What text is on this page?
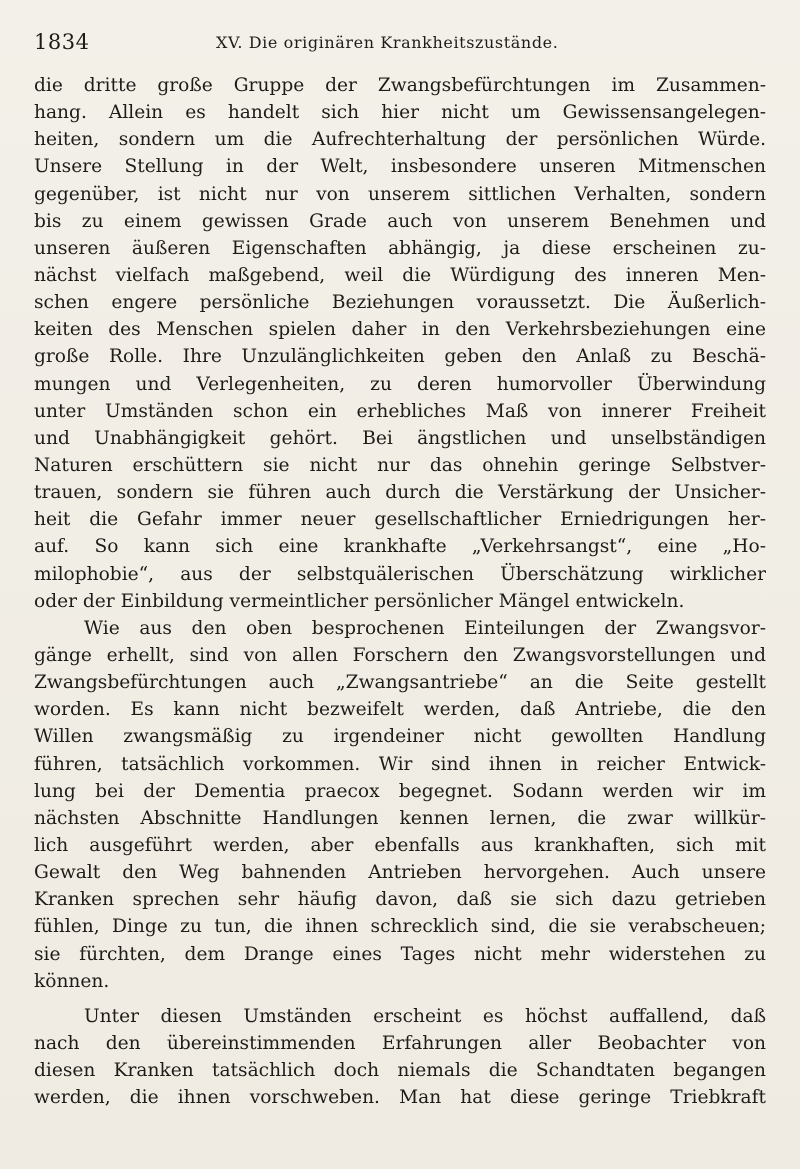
1834	XV. Die originären Krankheitszustände.
die dritte große Gruppe der Zwangsbefürchtungen im Zusammen-
hang. Allein es handelt sich hier nicht um Gewissensangelegen-
heiten, sondern um die Aufrechterhaltung der persönlichen Würde.
Unsere Stellung in der Welt, insbesondere unseren Mitmenschen
gegenüber, ist nicht nur von unserem sittlichen Verhalten, sondern
bis zu einem gewissen Grade auch von unserem Benehmen und
unseren äußeren Eigenschaften abhängig, ja diese erscheinen zu-
nächst vielfach maßgebend, weil die Würdigung des inneren Men-
schen engere persönliche Beziehungen voraussetzt. Die Äußerlich-
keiten des Menschen spielen daher in den Verkehrsbeziehungen eine
große Rolle. Ihre Unzulänglichkeiten geben den Anlaß zu Beschä-
mungen und Verlegenheiten, zu deren humorvoller Überwindung
unter Umständen schon ein erhebliches Maß von innerer Freiheit
und Unabhängigkeit gehört. Bei ängstlichen und unselbständigen
Naturen erschüttern sie nicht nur das ohnehin geringe Selbstver-
trauen, sondern sie führen auch durch die Verstärkung der Unsicher-
heit die Gefahr immer neuer gesellschaftlicher Erniedrigungen her-
auf. So kann sich eine krankhafte „Verkehrsangst“, eine „Ho-
milophobie“, aus der selbstquälerischen Überschätzung wirklicher
oder der Einbildung vermeintlicher persönlicher Mängel entwickeln.
Wie aus den oben besprochenen Einteilungen der Zwangsvor-
gänge erhellt, sind von allen Forschern den Zwangsvorstellungen und
Zwangsbefürchtungen auch „Zwangsantriebe“ an die Seite gestellt
worden. Es kann nicht bezweifelt werden, daß Antriebe, die den
Willen zwangsmäßig zu irgendeiner nicht gewollten Handlung
führen, tatsächlich vorkommen. Wir sind ihnen in reicher Entwick-
lung bei der Dementia praecox begegnet. Sodann werden wir im
nächsten Abschnitte Handlungen kennen lernen, die zwar willkür-
lich ausgeführt werden, aber ebenfalls aus krankhaften, sich mit
Gewalt den Weg bahnenden Antrieben hervorgehen. Auch unsere
Kranken sprechen sehr häufig davon, daß sie sich dazu getrieben
fühlen, Dinge zu tun, die ihnen schrecklich sind, die sie verabscheuen;
sie fürchten, dem Drange eines Tages nicht mehr widerstehen zu
können.
Unter diesen Umständen erscheint es höchst auffallend, daß
nach den übereinstimmenden Erfahrungen aller Beobachter von
diesen Kranken tatsächlich doch niemals die Schandtaten begangen
werden, die ihnen vorschweben. Man hat diese geringe Triebkraft
